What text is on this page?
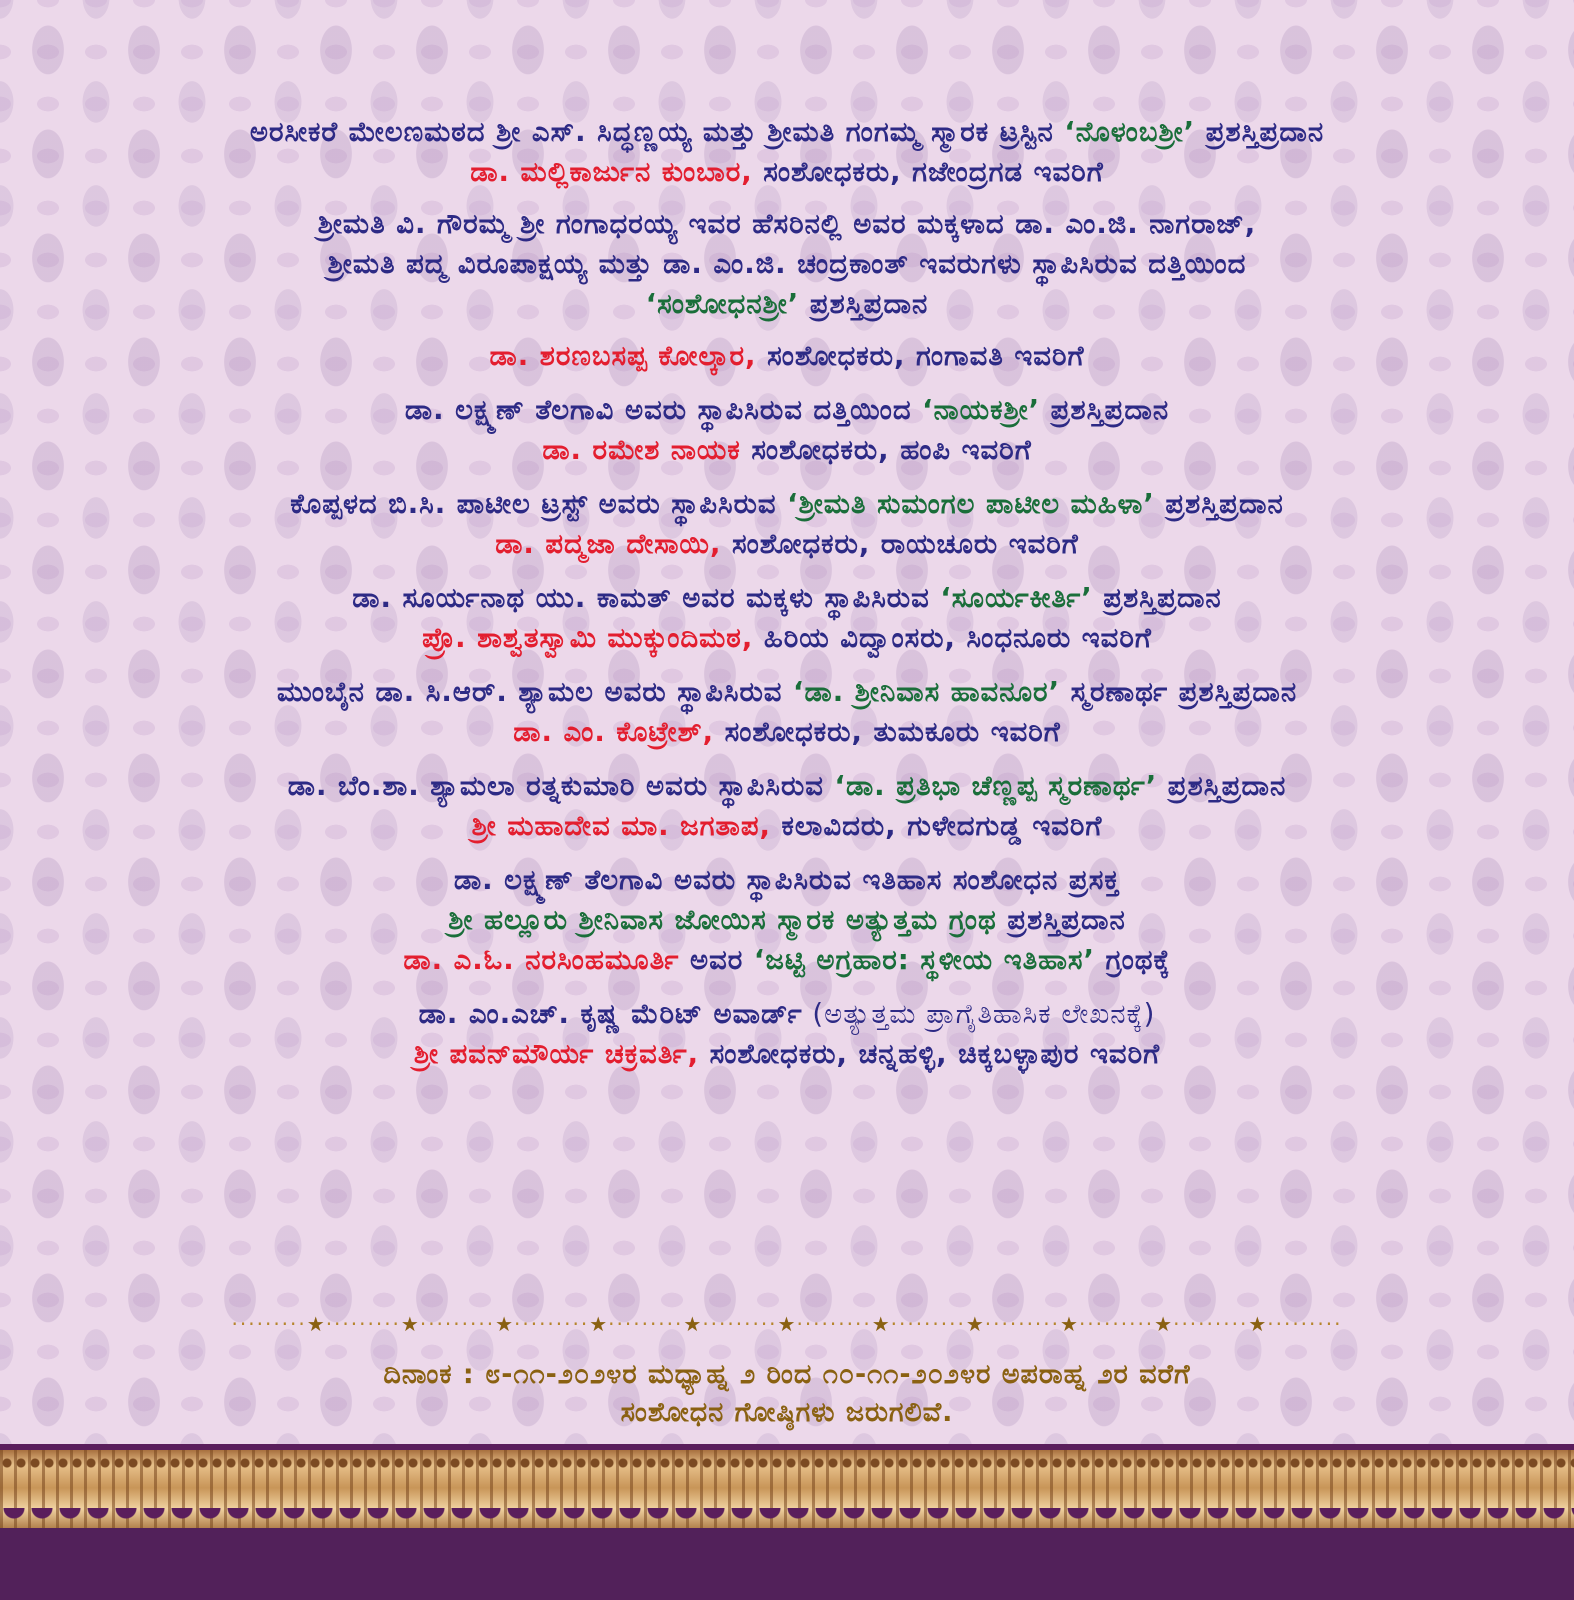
ಅರಸೀಕರೆ ಮೇಲಣಮಠದ ಶ್ರೀ ಎಸ್. ಸಿದ್ಧಣ್ಣಯ್ಯ ಮತ್ತು ಶ್ರೀಮತಿ ಗಂಗಮ್ಮ ಸ್ಮಾರಕ ಟ್ರಸ್ಟಿನ ‘ನೊಳಂಬಶ್ರೀ’ ಪ್ರಶಸ್ತಿಪ್ರದಾನ

ಡಾ. ಮಲ್ಲಿಕಾರ್ಜುನ ಕುಂಬಾರ, ಸಂಶೋಧಕರು, ಗಜೇಂದ್ರಗಡ ಇವರಿಗೆ

ಶ್ರೀಮತಿ ವಿ. ಗೌರಮ್ಮ ಶ್ರೀ ಗಂಗಾಧರಯ್ಯ ಇವರ ಹೆಸರಿನಲ್ಲಿ ಅವರ ಮಕ್ಕಳಾದ ಡಾ. ಎಂ.ಜಿ. ನಾಗರಾಜ್,

ಶ್ರೀಮತಿ ಪದ್ಮ ವಿರೂಪಾಕ್ಷಯ್ಯ ಮತ್ತು ಡಾ. ಎಂ.ಜಿ. ಚಂದ್ರಕಾಂತ್ ಇವರುಗಳು ಸ್ಥಾಪಿಸಿರುವ ದತ್ತಿಯಿಂದ

‘ಸಂಶೋಧನಶ್ರೀ’ ಪ್ರಶಸ್ತಿಪ್ರದಾನ

ಡಾ. ಶರಣಬಸಪ್ಪ ಕೋಲ್ಕಾರ, ಸಂಶೋಧಕರು, ಗಂಗಾವತಿ ಇವರಿಗೆ

ಡಾ. ಲಕ್ಷ್ಮಣ್ ತೆಲಗಾವಿ ಅವರು ಸ್ಥಾಪಿಸಿರುವ ದತ್ತಿಯಿಂದ ‘ನಾಯಕಶ್ರೀ’ ಪ್ರಶಸ್ತಿಪ್ರದಾನ

ಡಾ. ರಮೇಶ ನಾಯಕ ಸಂಶೋಧಕರು, ಹಂಪಿ ಇವರಿಗೆ

ಕೊಪ್ಪಳದ ಬಿ.ಸಿ. ಪಾಟೀಲ ಟ್ರಸ್ಟ್ ಅವರು ಸ್ಥಾಪಿಸಿರುವ ‘ಶ್ರೀಮತಿ ಸುಮಂಗಲ ಪಾಟೀಲ ಮಹಿಳಾ’ ಪ್ರಶಸ್ತಿಪ್ರದಾನ

ಡಾ. ಪದ್ಮಜಾ ದೇಸಾಯಿ, ಸಂಶೋಧಕರು, ರಾಯಚೂರು ಇವರಿಗೆ

ಡಾ. ಸೂರ್ಯನಾಥ ಯು. ಕಾಮತ್ ಅವರ ಮಕ್ಕಳು ಸ್ಥಾಪಿಸಿರುವ ‘ಸೂರ್ಯಕೀರ್ತಿ’ ಪ್ರಶಸ್ತಿಪ್ರದಾನ

ಪ್ರೊ. ಶಾಶ್ವತಸ್ವಾಮಿ ಮುಕ್ಕುಂದಿಮಠ, ಹಿರಿಯ ವಿದ್ವಾಂಸರು, ಸಿಂಧನೂರು ಇವರಿಗೆ

ಮುಂಬೈನ ಡಾ. ಸಿ.ಆರ್. ಶ್ಯಾಮಲ ಅವರು ಸ್ಥಾಪಿಸಿರುವ ‘ಡಾ. ಶ್ರೀನಿವಾಸ ಹಾವನೂರ’ ಸ್ಮರಣಾರ್ಥ ಪ್ರಶಸ್ತಿಪ್ರದಾನ

ಡಾ. ಎಂ. ಕೊಟ್ರೇಶ್, ಸಂಶೋಧಕರು, ತುಮಕೂರು ಇವರಿಗೆ

ಡಾ. ಬೆಂ.ಶಾ. ಶ್ಯಾಮಲಾ ರತ್ನಕುಮಾರಿ ಅವರು ಸ್ಥಾಪಿಸಿರುವ ‘ಡಾ. ಪ್ರತಿಭಾ ಚೆಣ್ಣಪ್ಪ ಸ್ಮರಣಾರ್ಥ’ ಪ್ರಶಸ್ತಿಪ್ರದಾನ

ಶ್ರೀ ಮಹಾದೇವ ಮಾ. ಜಗತಾಪ, ಕಲಾವಿದರು, ಗುಳೇದಗುಡ್ಡ ಇವರಿಗೆ

ಡಾ. ಲಕ್ಷ್ಮಣ್ ತೆಲಗಾವಿ ಅವರು ಸ್ಥಾಪಿಸಿರುವ ಇತಿಹಾಸ ಸಂಶೋಧನ ಪ್ರಸಕ್ತ

ಶ್ರೀ ಹಲ್ಲೂರು ಶ್ರೀನಿವಾಸ ಜೋಯಿಸ ಸ್ಮಾರಕ ಅತ್ಯುತ್ತಮ ಗ್ರಂಥ ಪ್ರಶಸ್ತಿಪ್ರದಾನ

ಡಾ. ಎ.ಓ. ನರಸಿಂಹಮೂರ್ತಿ ಅವರ ‘ಜಟ್ಟಿ ಅಗ್ರಹಾರ: ಸ್ಥಳೀಯ ಇತಿಹಾಸ’ ಗ್ರಂಥಕ್ಕೆ

ಡಾ. ಎಂ.ಎಚ್. ಕೃಷ್ಣ ಮೆರಿಟ್ ಅವಾರ್ಡ್ (ಅತ್ಯುತ್ತಮ ಪ್ರಾಗೈತಿಹಾಸಿಕ ಲೇಖನಕ್ಕೆ)

ಶ್ರೀ ಪವನ್‌ಮೌರ್ಯ ಚಕ್ರವರ್ತಿ, ಸಂಶೋಧಕರು, ಚನ್ನಹಳ್ಳಿ, ಚಿಕ್ಕಬಳ್ಳಾಪುರ ಇವರಿಗೆ

·········★·········★·········★·········★·········★·········★·········★·········★·········★·········★·········★·········

ದಿನಾಂಕ : ೮-೧೧-೨೦೨೪ರ ಮಧ್ಯಾಹ್ನ ೨ ರಿಂದ ೧೦-೧೧-೨೦೨೪ರ ಅಪರಾಹ್ನ ೨ರ ವರೆಗೆ

ಸಂಶೋಧನ ಗೋಷ್ಠಿಗಳು ಜರುಗಲಿವೆ.
